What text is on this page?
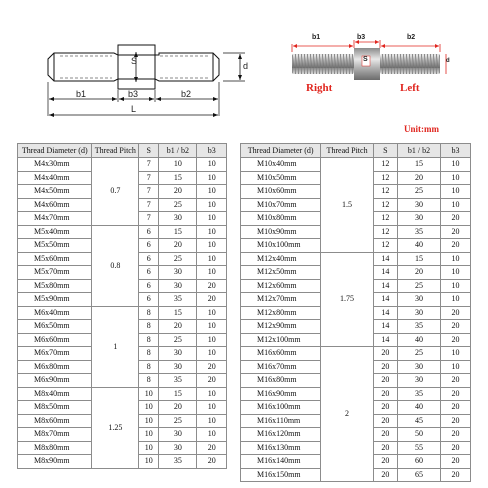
S	d
b1	b3	b2
L
b1	b3	b2
S	d
Right	Left
Unit:mm
Thread Diameter (d)	Thread Pitch	S	b1 / b2	b3
M4x30mm	0.7	7	10	10
M4x40mm		7	15	10
M4x50mm		7	20	10
M4x60mm		7	25	10
M4x70mm		7	30	10
M5x40mm	0.8	6	15	10
M5x50mm		6	20	10
M5x60mm		6	25	10
M5x70mm		6	30	10
M5x80mm		6	30	20
M5x90mm		6	35	20
M6x40mm	1	8	15	10
M6x50mm		8	20	10
M6x60mm		8	25	10
M6x70mm		8	30	10
M6x80mm		8	30	20
M6x90mm		8	35	20
M8x40mm	1.25	10	15	10
M8x50mm		10	20	10
M8x60mm		10	25	10
M8x70mm		10	30	10
M8x80mm		10	30	20
M8x90mm		10	35	20
Thread Diameter (d)	Thread Pitch	S	b1 / b2	b3
M10x40mm	1.5	12	15	10
M10x50mm		12	20	10
M10x60mm		12	25	10
M10x70mm		12	30	10
M10x80mm		12	30	20
M10x90mm		12	35	20
M10x100mm		12	40	20
M12x40mm	1.75	14	15	10
M12x50mm		14	20	10
M12x60mm		14	25	10
M12x70mm		14	30	10
M12x80mm		14	30	20
M12x90mm		14	35	20
M12x100mm		14	40	20
M16x60mm	2	20	25	10
M16x70mm		20	30	10
M16x80mm		20	30	20
M16x90mm		20	35	20
M16x100mm		20	40	20
M16x110mm		20	45	20
M16x120mm		20	50	20
M16x130mm		20	55	20
M16x140mm		20	60	20
M16x150mm		20	65	20
